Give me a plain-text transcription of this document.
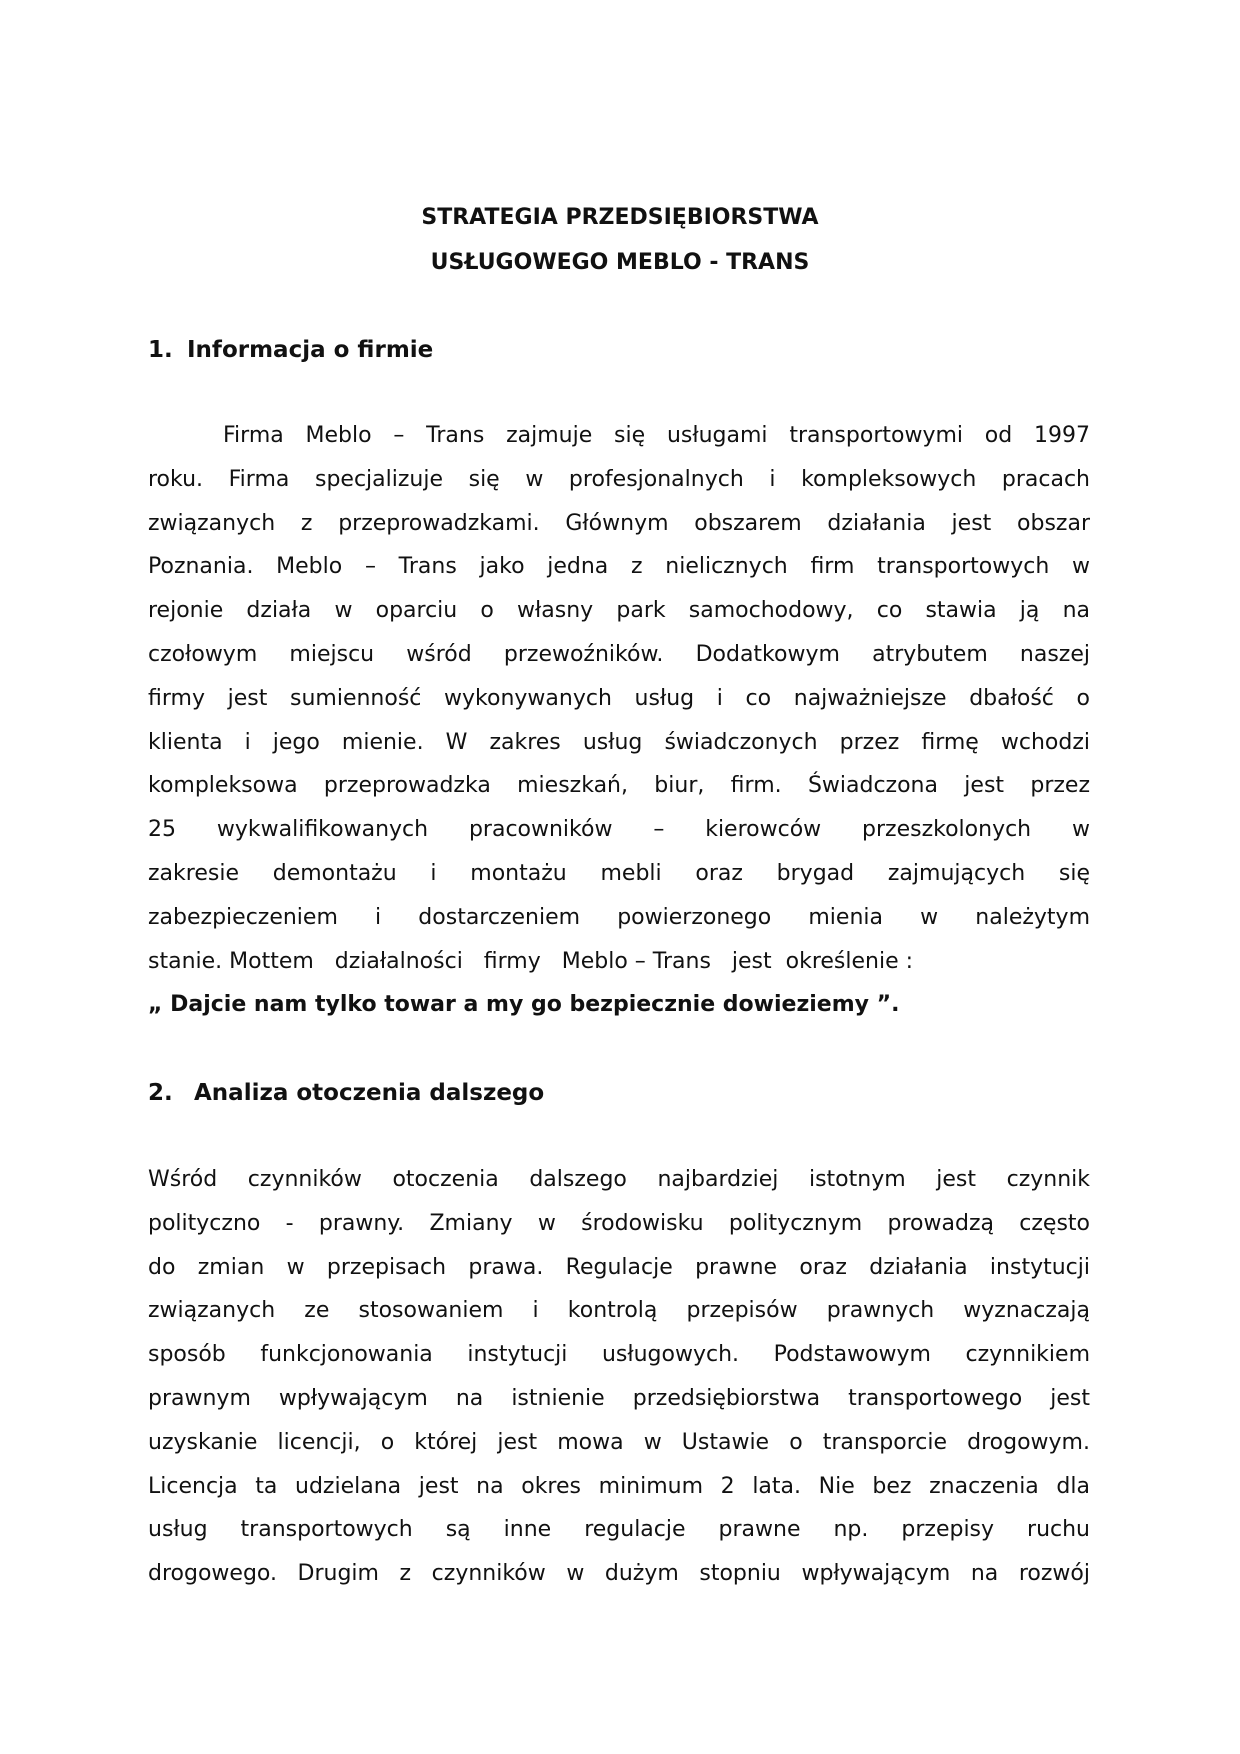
STRATEGIA PRZEDSIĘBIORSTWA
USŁUGOWEGO MEBLO - TRANS
1. Informacja o firmie
Firma Meblo – Trans zajmuje się usługami transportowymi od 1997
roku. Firma specjalizuje się w profesjonalnych i kompleksowych pracach
związanych z przeprowadzkami. Głównym obszarem działania jest obszar
Poznania. Meblo – Trans jako jedna z nielicznych firm transportowych w
rejonie działa w oparciu o własny park samochodowy, co stawia ją na
czołowym miejscu wśród przewoźników. Dodatkowym atrybutem naszej
firmy jest sumienność wykonywanych usług i co najważniejsze dbałość o
klienta i jego mienie. W zakres usług świadczonych przez firmę wchodzi
kompleksowa przeprowadzka mieszkań, biur, firm. Świadczona jest przez
25 wykwalifikowanych pracowników – kierowców przeszkolonych w
zakresie demontażu i montażu mebli oraz brygad zajmujących się
zabezpieczeniem i dostarczeniem powierzonego mienia w należytym
stanie. Mottem   działalności   firmy   Meblo – Trans   jest  określenie :
„ Dajcie nam tylko towar a my go bezpiecznie dowieziemy ”.
2. Analiza otoczenia dalszego
Wśród czynników otoczenia dalszego najbardziej istotnym jest czynnik
polityczno - prawny. Zmiany w środowisku politycznym prowadzą często
do zmian w przepisach prawa. Regulacje prawne oraz działania instytucji
związanych ze stosowaniem i kontrolą przepisów prawnych wyznaczają
sposób funkcjonowania instytucji usługowych. Podstawowym czynnikiem
prawnym wpływającym na istnienie przedsiębiorstwa transportowego jest
uzyskanie licencji, o której jest mowa w Ustawie o transporcie drogowym.
Licencja ta udzielana jest na okres minimum 2 lata. Nie bez znaczenia dla
usług transportowych są inne regulacje prawne np. przepisy ruchu
drogowego. Drugim z czynników w dużym stopniu wpływającym na rozwój
